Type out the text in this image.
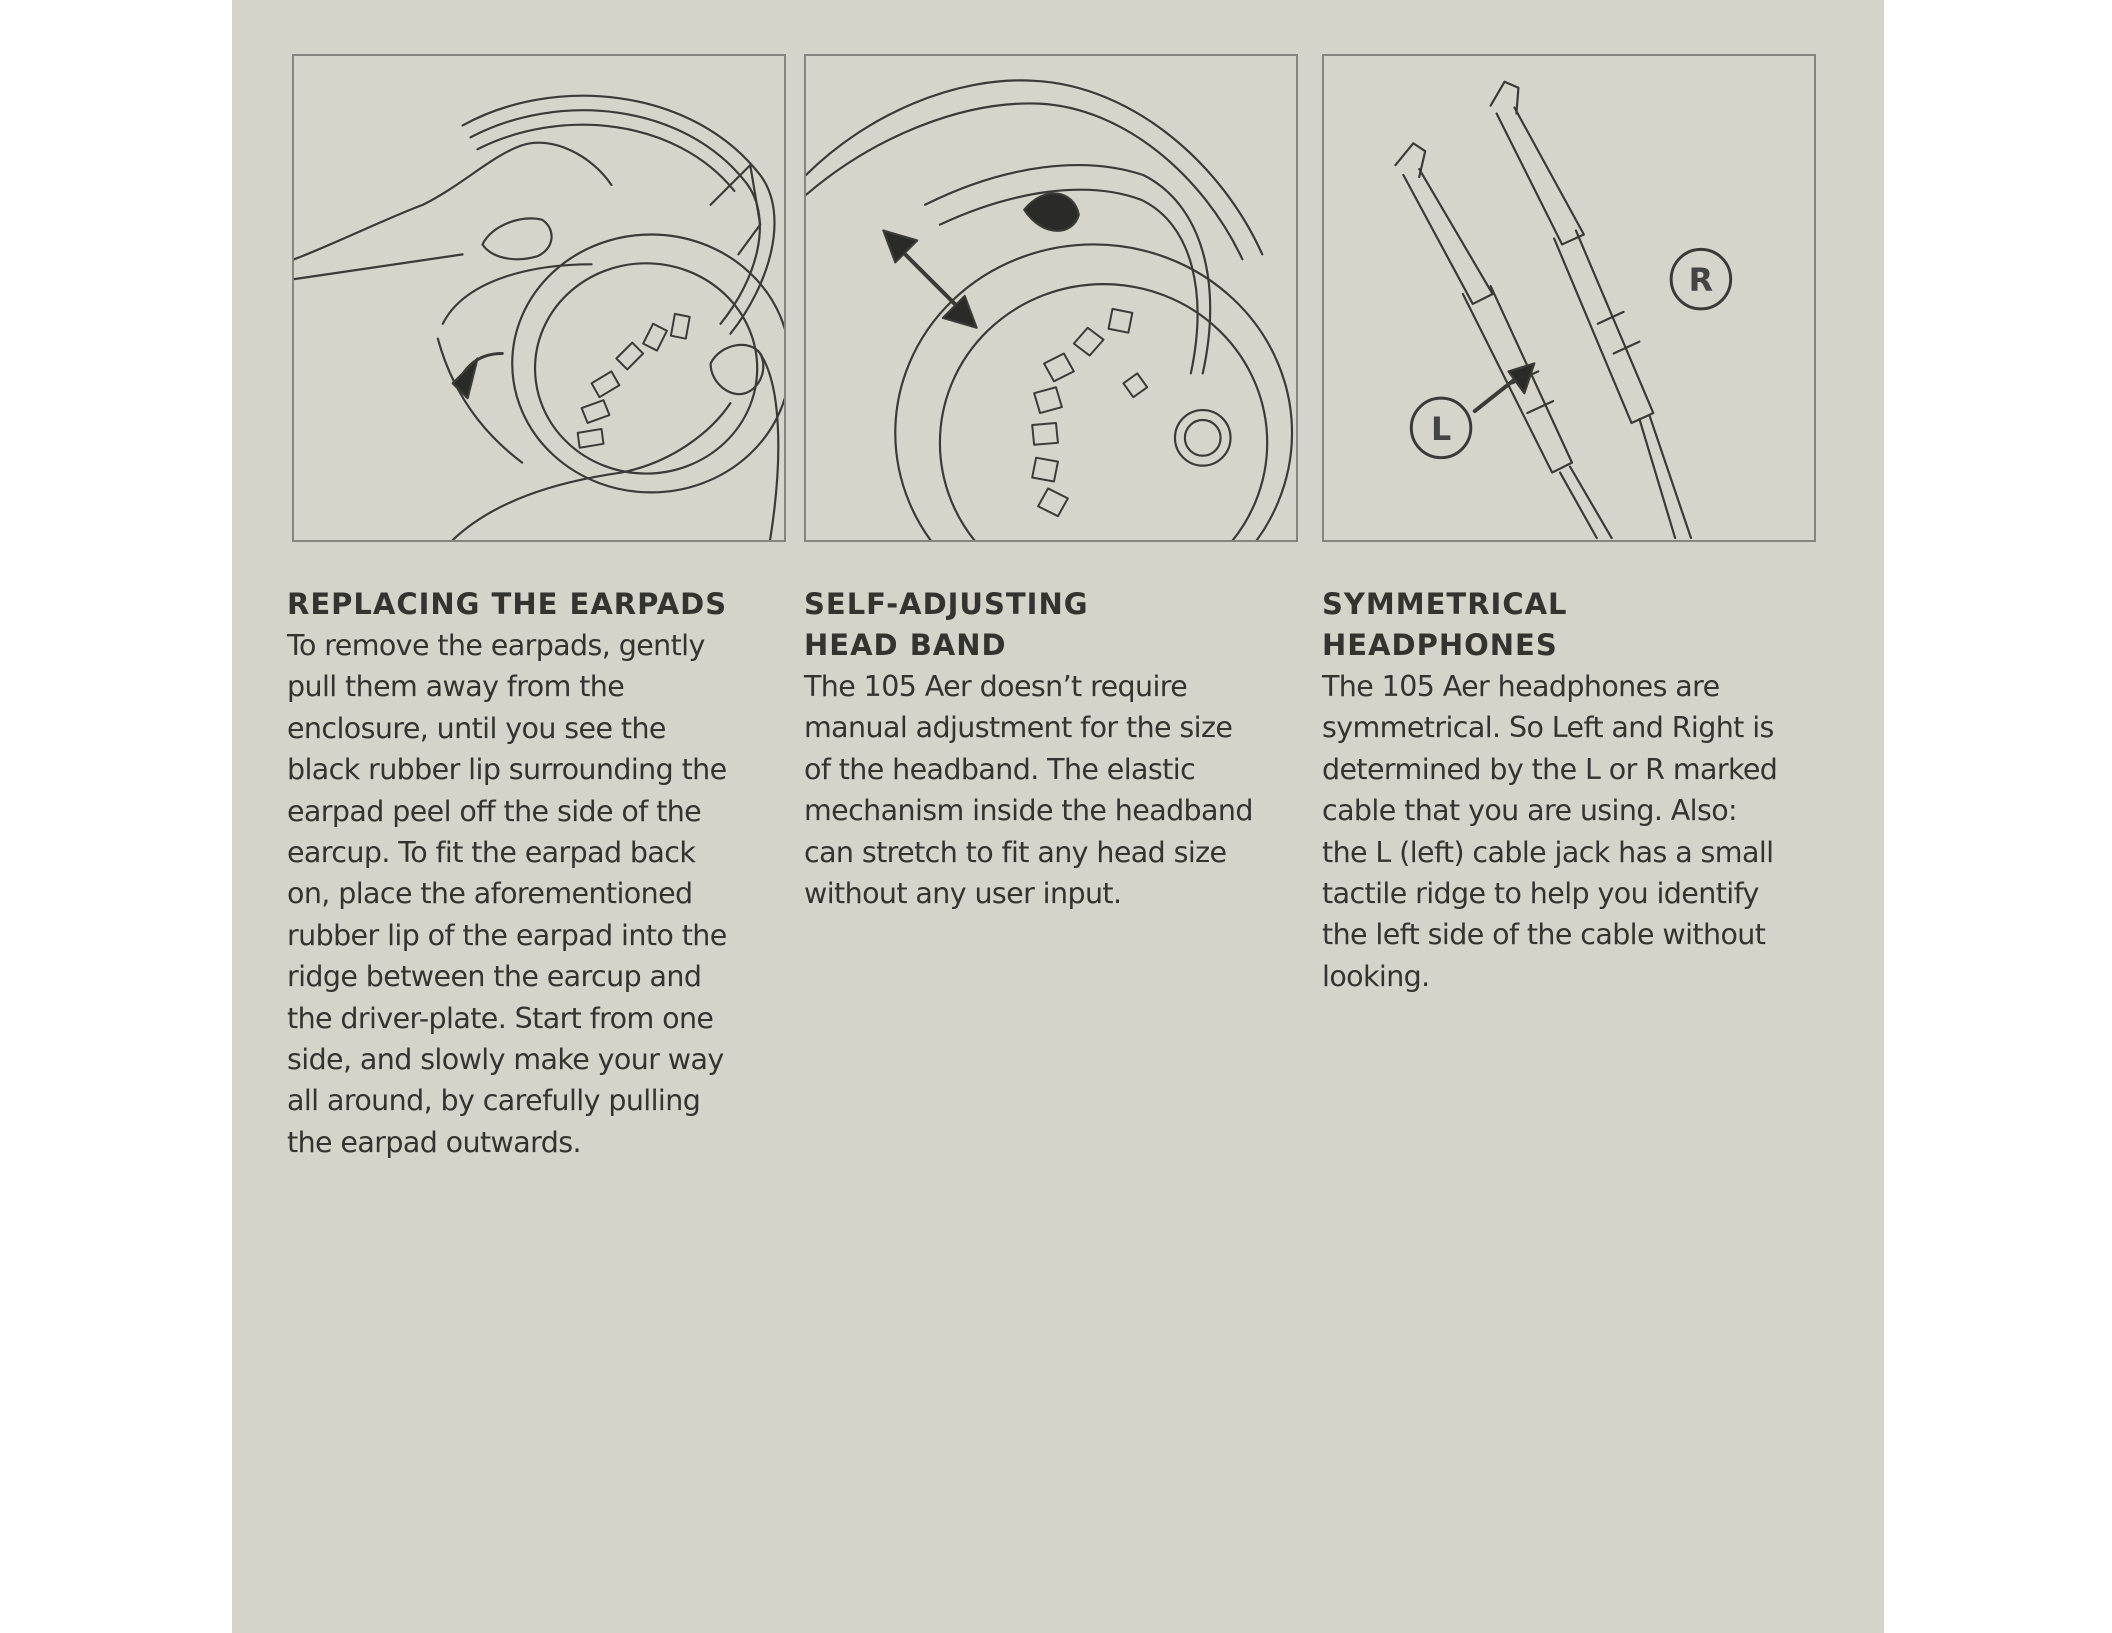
R
L
REPLACING THE EARPADS
To remove the earpads, gently
pull them away from the
enclosure, until you see the
black rubber lip surrounding the
earpad peel off the side of the
earcup. To fit the earpad back
on, place the aforementioned
rubber lip of the earpad into the
ridge between the earcup and
the driver-plate. Start from one
side, and slowly make your way
all around, by carefully pulling
the earpad outwards.
SELF-ADJUSTING
HEAD BAND
The 105 Aer doesn’t require
manual adjustment for the size
of the headband. The elastic
mechanism inside the headband
can stretch to fit any head size
without any user input.
SYMMETRICAL
HEADPHONES
The 105 Aer headphones are
symmetrical. So Left and Right is
determined by the L or R marked
cable that you are using. Also:
the L (left) cable jack has a small
tactile ridge to help you identify
the left side of the cable without
looking.
